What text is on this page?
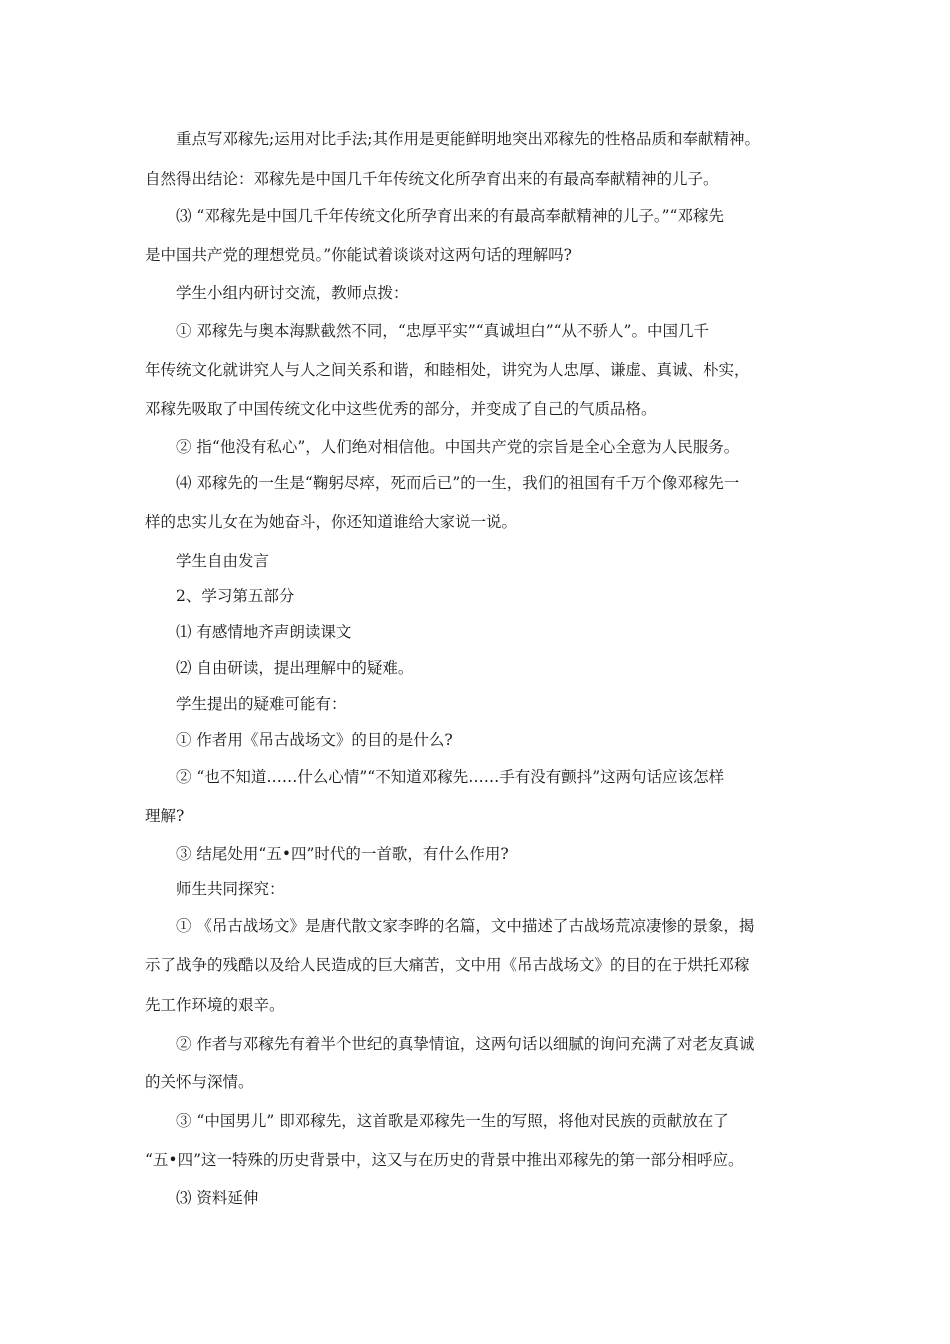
重点写邓稼先;运用对比手法;其作用是更能鲜明地突出邓稼先的性格品质和奉献精神。
自然得出结论：邓稼先是中国几千年传统文化所孕育出来的有最高奉献精神的儿子。
⑶ “邓稼先是中国几千年传统文化所孕育出来的有最高奉献精神的儿子。”“邓稼先
是中国共产党的理想党员。”你能试着谈谈对这两句话的理解吗?
学生小组内研讨交流，教师点拨：
① 邓稼先与奥本海默截然不同，“忠厚平实”“真诚坦白”“从不骄人”。中国几千
年传统文化就讲究人与人之间关系和谐，和睦相处，讲究为人忠厚、谦虚、真诚、朴实，
邓稼先吸取了中国传统文化中这些优秀的部分，并变成了自己的气质品格。
② 指“他没有私心”，人们绝对相信他。中国共产党的宗旨是全心全意为人民服务。
⑷ 邓稼先的一生是“鞠躬尽瘁，死而后已”的一生，我们的祖国有千万个像邓稼先一
样的忠实儿女在为她奋斗，你还知道谁给大家说一说。
学生自由发言
2、学习第五部分
⑴ 有感情地齐声朗读课文
⑵ 自由研读，提出理解中的疑难。
学生提出的疑难可能有：
① 作者用《吊古战场文》的目的是什么?
② “也不知道……什么心情”“不知道邓稼先……手有没有颤抖”这两句话应该怎样
理解?
③ 结尾处用“五•四”时代的一首歌，有什么作用?
师生共同探究：
① 《吊古战场文》是唐代散文家李晔的名篇，文中描述了古战场荒凉凄惨的景象，揭
示了战争的残酷以及给人民造成的巨大痛苦，文中用《吊古战场文》的目的在于烘托邓稼
先工作环境的艰辛。
② 作者与邓稼先有着半个世纪的真挚情谊，这两句话以细腻的询问充满了对老友真诚
的关怀与深情。
③ “中国男儿” 即邓稼先，这首歌是邓稼先一生的写照，将他对民族的贡献放在了
“五•四”这一特殊的历史背景中，这又与在历史的背景中推出邓稼先的第一部分相呼应。
⑶ 资料延伸
